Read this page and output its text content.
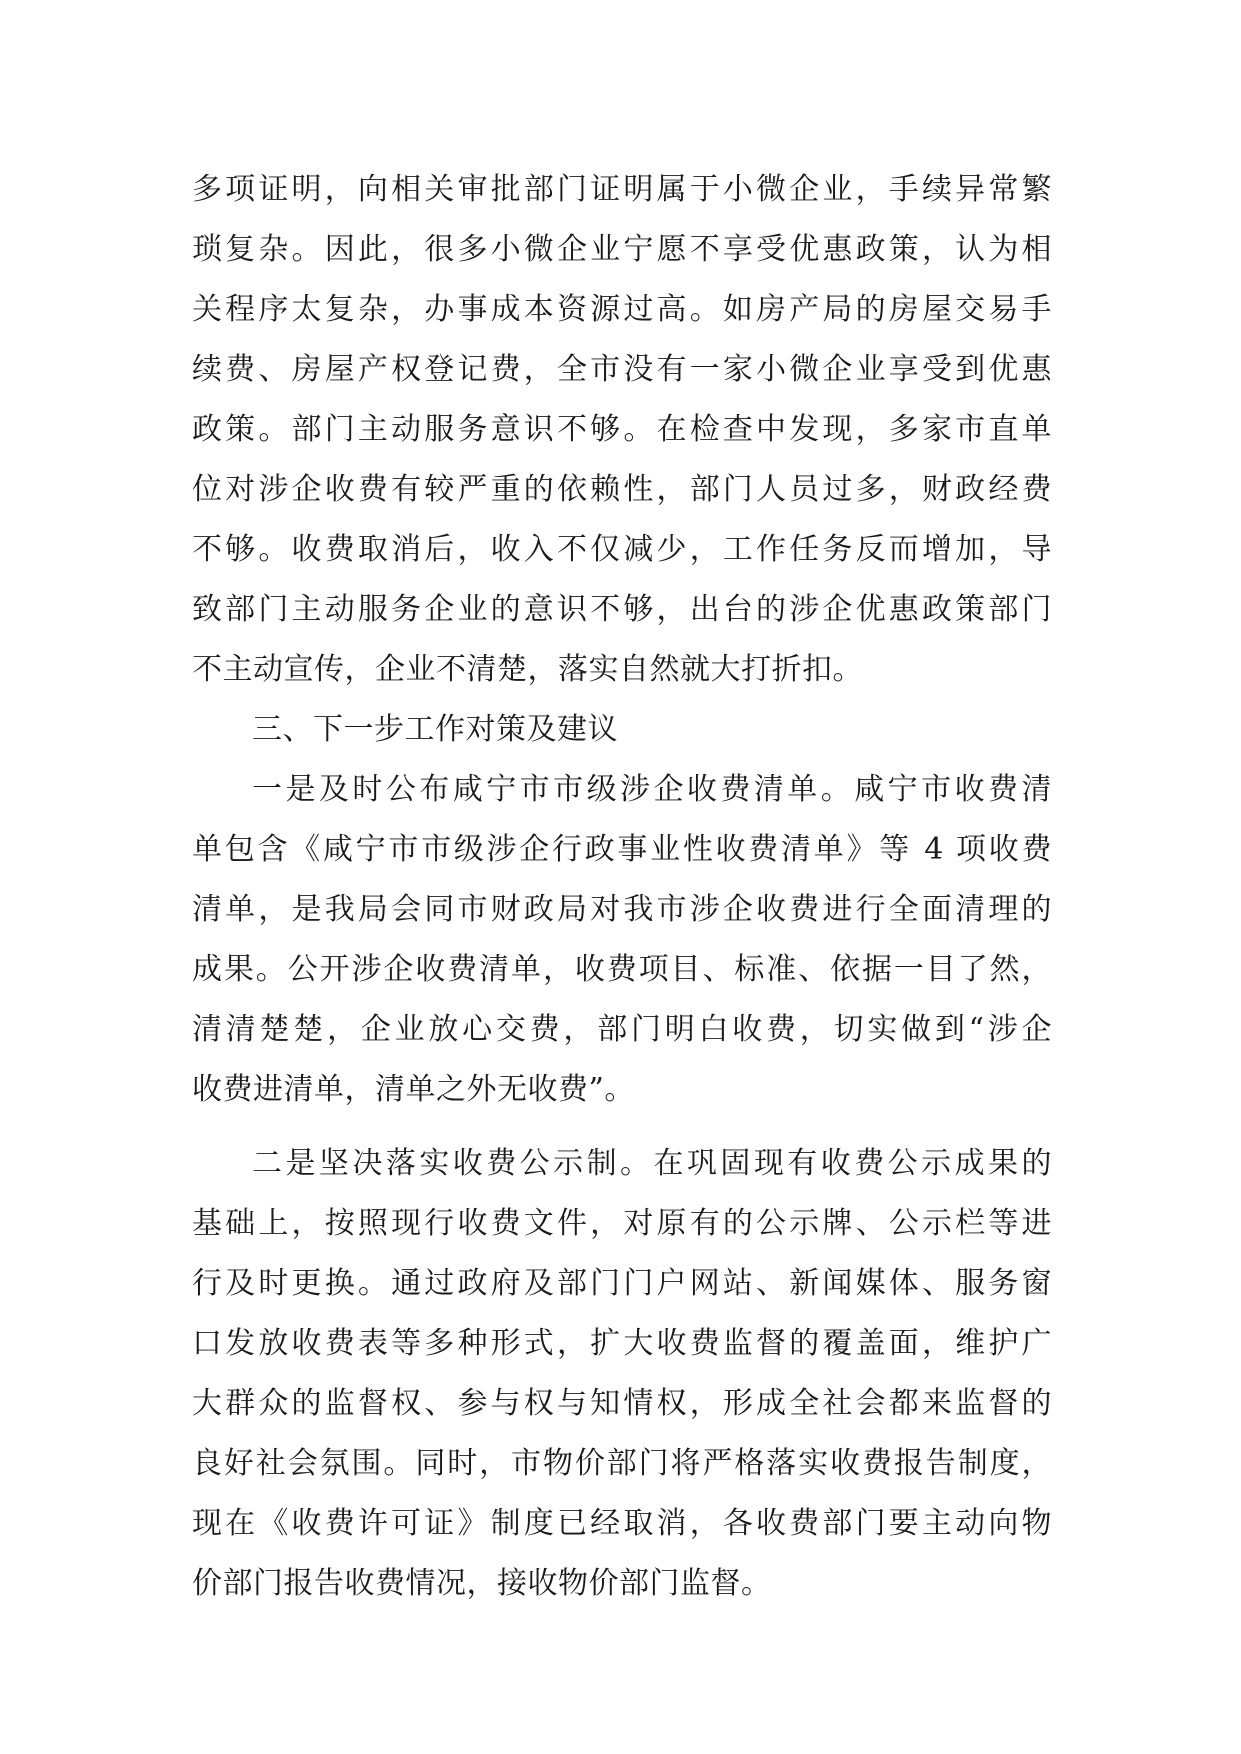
多项证明，向相关审批部门证明属于小微企业，手续异常繁
琐复杂。因此，很多小微企业宁愿不享受优惠政策，认为相
关程序太复杂，办事成本资源过高。如房产局的房屋交易手
续费、房屋产权登记费，全市没有一家小微企业享受到优惠
政策。部门主动服务意识不够。在检查中发现，多家市直单
位对涉企收费有较严重的依赖性，部门人员过多，财政经费
不够。收费取消后，收入不仅减少，工作任务反而增加，导
致部门主动服务企业的意识不够，出台的涉企优惠政策部门
不主动宣传，企业不清楚，落实自然就大打折扣。
三、下一步工作对策及建议
一是及时公布咸宁市市级涉企收费清单。咸宁市收费清
单包含《咸宁市市级涉企行政事业性收费清单》等 4 项收费
清单，是我局会同市财政局对我市涉企收费进行全面清理的
成果。公开涉企收费清单，收费项目、标准、依据一目了然，
清清楚楚，企业放心交费，部门明白收费，切实做到“涉企
收费进清单，清单之外无收费”。
二是坚决落实收费公示制。在巩固现有收费公示成果的
基础上，按照现行收费文件，对原有的公示牌、公示栏等进
行及时更换。通过政府及部门门户网站、新闻媒体、服务窗
口发放收费表等多种形式，扩大收费监督的覆盖面，维护广
大群众的监督权、参与权与知情权，形成全社会都来监督的
良好社会氛围。同时，市物价部门将严格落实收费报告制度，
现在《收费许可证》制度已经取消，各收费部门要主动向物
价部门报告收费情况，接收物价部门监督。
